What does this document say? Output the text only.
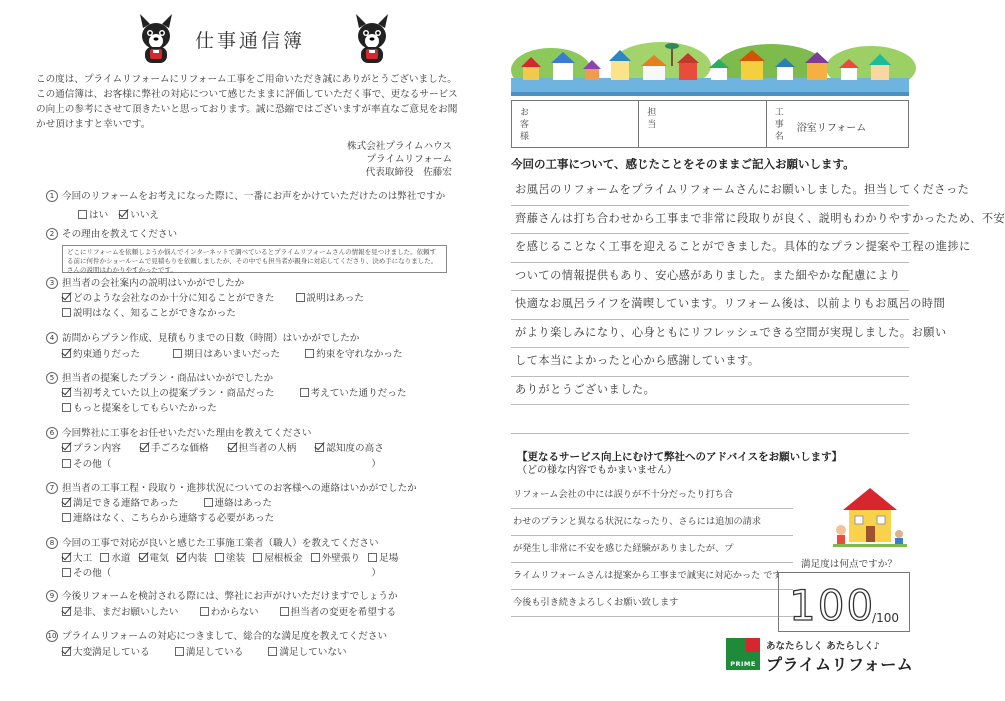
仕事通信簿
この度は、プライムリフォームにリフォーム工事をご用命いただき誠にありがとうございました。この通信簿は、お客様に弊社の対応について感じたままに評価していただく事で、更なるサービスの向上の参考にさせて頂きたいと思っております。誠に恐縮ではございますが率直なご意見をお聞かせ頂けますと幸いです。
株式会社プライムハウス
プライムリフォーム
代表取締役　佐藤宏
1 今回のリフォームをお考えになった際に、一番にお声をかけていただけたのは弊社ですか
はい いいえ
2 その理由を教えてください
どこにリフォームを依頼しようか悩んでインターネットで調べているとプライムリフォームさんの情報を見つけました。依頼する前に何件かショールームで見積もりを依頼しましたが、その中でも担当者が親身に対応してくださり、決め手になりました。さんの説明はわかりやすかったです。
3 担当者の会社案内の説明はいかがでしたか
どのような会社なのか十分に知ることができた	説明はあった
説明はなく、知ることができなかった
4 訪問からプラン作成、見積もりまでの日数（時間）はいかがでしたか
約束通りだった	期日はあいまいだった	約束を守れなかった
5 担当者の提案したプラン・商品はいかがでしたか
当初考えていた以上の提案プラン・商品だった	考えていた通りだった
もっと提案をしてもらいたかった
6 今回弊社に工事をお任せいただいた理由を教えてください
プラン内容	手ごろな価格	担当者の人柄	認知度の高さ
その他（	）
7 担当者の工事工程・段取り・進捗状況についてのお客様への連絡はいかがでしたか
満足できる連絡であった	連絡はあった
連絡はなく、こちらから連絡する必要があった
8 今回の工事で対応が良いと感じた工事施工業者（職人）を教えてください
大工 水道 電気 内装 塗装 屋根板金 外壁張り 足場
その他（	）
9 今後リフォームを検討される際には、弊社にお声がけいただけますでしょうか
是非、まだお願いしたい	わからない	担当者の変更を希望する
10 プライムリフォームの対応につきまして、総合的な満足度を教えてください
大変満足している	満足している	満足していない
お客様	担当	工事名 浴室リフォーム
今回の工事について、感じたことをそのままご記入お願いします。
お風呂のリフォームをプライムリフォームさんにお願いしました。担当してくださった
齊藤さんは打ち合わせから工事まで非常に段取りが良く、説明もわかりやすかったため、不安
を感じることなく工事を迎えることができました。具体的なプラン提案や工程の進捗に
ついての情報提供もあり、安心感がありました。また細やかな配慮により
快適なお風呂ライフを満喫しています。リフォーム後は、以前よりもお風呂の時間
がより楽しみになり、心身ともにリフレッシュできる空間が実現しました。お願い
して本当によかったと心から感謝しています。
ありがとうございました。
【更なるサービス向上にむけて弊社へのアドバイスをお願いします】
（どの様な内容でもかまいません）
リフォーム会社の中には誤りが不十分だったり打ち合
わせのプランと異なる状況になったり、さらには追加の請求
が発生し非常に不安を感じた経験がありましたが、プ
ライムリフォームさんは提案から工事まで誠実に対応かった です
今後も引き続きよろしくお願い致します
満足度は何点ですか？
100
/100
PRIME
あなたらしく あたらしく♪
プライムリフォーム
